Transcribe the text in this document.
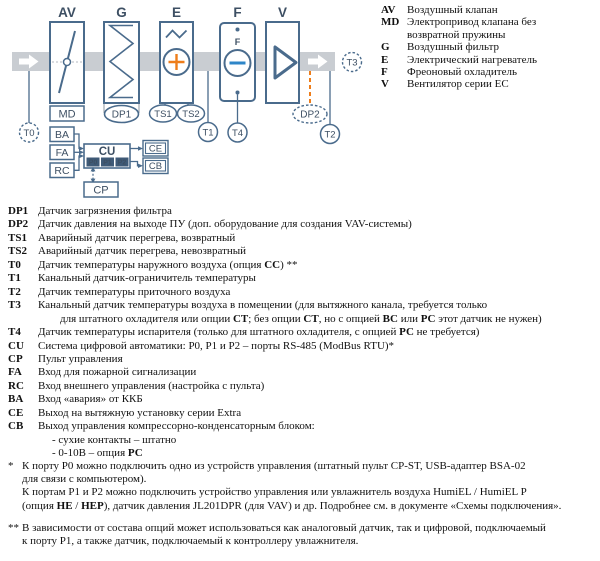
AV	G	E	F	V
MD	DP1 TS1 TS2
T1
F
T4
T0
DP2
T2
T3
BA
FA
RC
CU
P0 P1 P2
CE
CB
CP
AV	Воздушный клапан
MD Электропривод клапана без возвратной пружины
G	Воздушный фильтр
E	Электрический нагреватель
F	Фреоновый охладитель
V	Вентилятор серии ЕС
DP1 Датчик загрязнения фильтра
DP2 Датчик давления на выходе ПУ (доп. оборудование для создания VAV-системы)
TS1	Аварийный датчик перегрева, возвратный
TS2	Аварийный датчик перегрева, невозвратный
T0	Датчик температуры наружного воздуха (опция СС) **
T1	Канальный датчик-ограничитель температуры
T2	Датчик температуры приточного воздуха
T3	Канальный датчик температуры воздуха в помещении (для вытяжного канала, требуется только
для штатного охладителя или опции СТ; без опции СТ, но с опцией ВС или РС этот датчик не нужен)
T4	Датчик температуры испарителя (только для штатного охладителя, с опцией РС не требуется)
CU	Система цифровой автоматики: Р0, Р1 и Р2 – порты RS-485 (ModBus RTU)*
CP	Пульт управления
FA	Вход для пожарной сигнализации
RC	Вход внешнего управления (настройка с пульта)
BA	Вход «авария» от ККБ
CE	Выход на вытяжную установку серии Extra
CB	Выход управления компрессорно-конденсаторным блоком:
- сухие контакты – штатно
- 0-10В – опция РС
* К порту Р0 можно подключить одно из устройств управления (штатный пульт CP-ST, USB-адаптер BSA-02
для связи с компьютером).
К портам Р1 и Р2 можно подключить устройство управления или увлажнитель воздуха HumiEL / HumiEL P
(опция НЕ / НЕР), датчик давления JL201DPR (для VAV) и др. Подробнее см. в документе «Схемы подключения».
** В зависимости от состава опций может использоваться как аналоговый датчик, так и цифровой, подключаемый
к порту Р1, а также датчик, подключаемый к контроллеру увлажнителя.
